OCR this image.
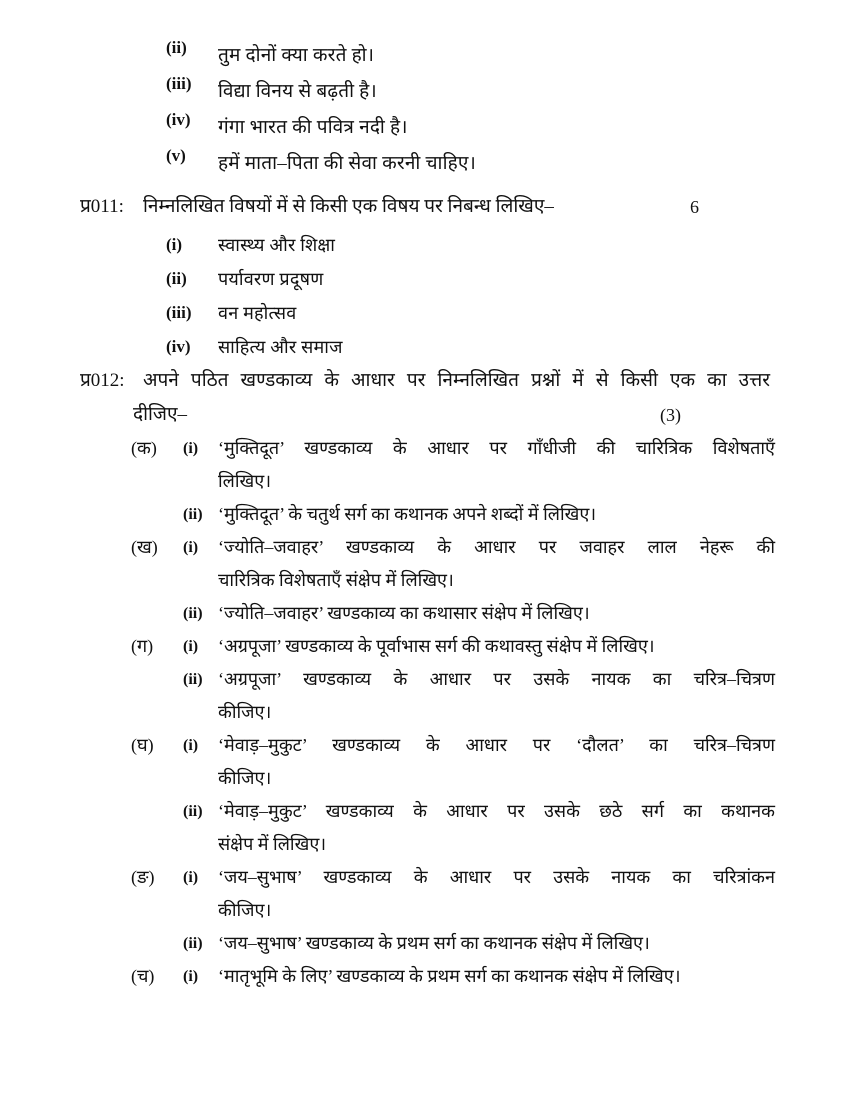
(ii)	तुम दोनों क्या करते हो।
(iii)	विद्या विनय से बढ़ती है।
(iv)	गंगा भारत की पवित्र नदी है।
(v)	हमें माता–पिता की सेवा करनी चाहिए।
प्र011:	निम्नलिखित विषयों में से किसी एक विषय पर निबन्ध लिखिए–	6
(i)	स्वास्थ्य और शिक्षा
(ii)	पर्यावरण प्रदूषण
(iii)	वन महोत्सव
(iv)	साहित्य और समाज
प्र012: अपने पठित खण्डकाव्य के आधार पर निम्नलिखित प्रश्नों में से किसी एक का उत्तर
दीजिए–	(3)
(क)	(i)	‘मुक्तिदूत’ खण्डकाव्य के आधार पर गाँधीजी की चारित्रिक विशेषताएँ
लिखिए।
(ii) ‘मुक्तिदूत’ के चतुर्थ सर्ग का कथानक अपने शब्दों में लिखिए।
(ख)	(i)	‘ज्योति–जवाहर’ खण्डकाव्य के आधार पर जवाहर लाल नेहरू की
चारित्रिक विशेषताएँ संक्षेप में लिखिए।
(ii) ‘ज्योति–जवाहर’ खण्डकाव्य का कथासार संक्षेप में लिखिए।
(ग)	(i)	‘अग्रपूजा’ खण्डकाव्य के पूर्वाभास सर्ग की कथावस्तु संक्षेप में लिखिए।
(ii) ‘अग्रपूजा’ खण्डकाव्य के आधार पर उसके नायक का चरित्र–चित्रण
कीजिए।
(घ)	(i)	‘मेवाड़–मुकुट’ खण्डकाव्य के आधार पर ‘दौलत’ का चरित्र–चित्रण
कीजिए।
(ii) ‘मेवाड़–मुकुट’ खण्डकाव्य के आधार पर उसके छठे सर्ग का कथानक
संक्षेप में लिखिए।
(ङ)	(i)	‘जय–सुभाष’ खण्डकाव्य के आधार पर उसके नायक का चरित्रांकन
कीजिए।
(ii) ‘जय–सुभाष’ खण्डकाव्य के प्रथम सर्ग का कथानक संक्षेप में लिखिए।
(च)	(i)	‘मातृभूमि के लिए’ खण्डकाव्य के प्रथम सर्ग का कथानक संक्षेप में लिखिए।
